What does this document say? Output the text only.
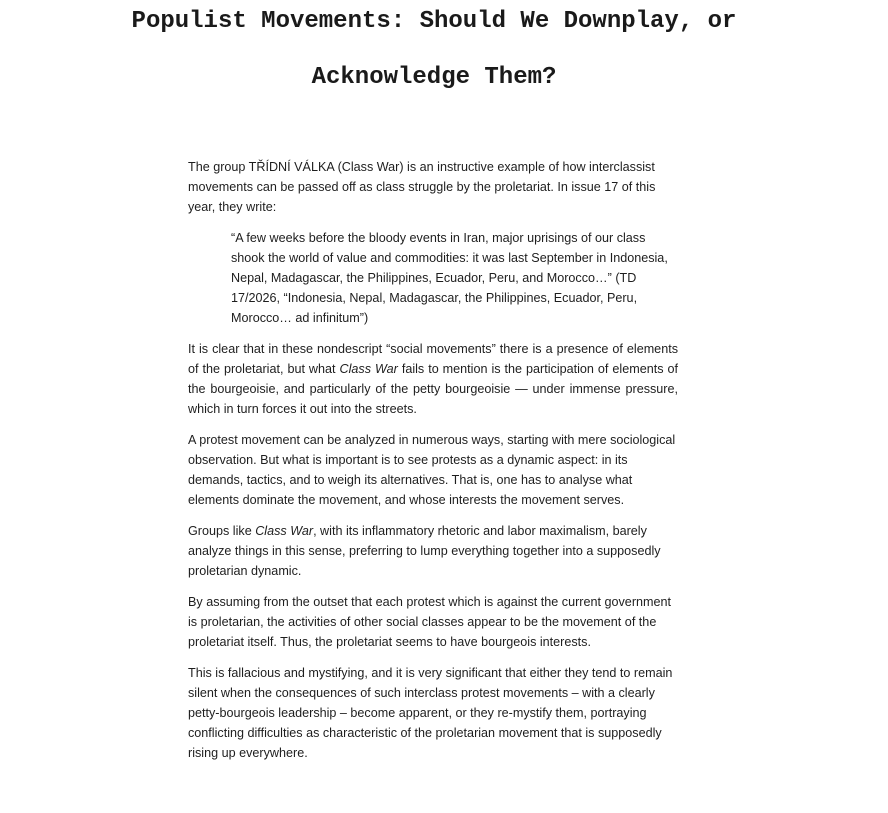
Populist Movements: Should We Downplay, or
Acknowledge Them?

The group TŘÍDNÍ VÁLKA (Class War) is an instructive example of how interclassist movements can be passed off as class struggle by the proletariat. In issue 17 of this year, they write:

“A few weeks before the bloody events in Iran, major uprisings of our class shook the world of value and commodities: it was last September in Indonesia, Nepal, Madagascar, the Philippines, Ecuador, Peru, and Morocco…” (TD 17/2026, “Indonesia, Nepal, Madagascar, the Philippines, Ecuador, Peru, Morocco… ad infinitum”)

It is clear that in these nondescript “social movements” there is a presence of elements of the proletariat, but what Class War fails to mention is the participation of elements of the bourgeoisie, and particularly of the petty bourgeoisie — under immense pressure, which in turn forces it out into the streets.

A protest movement can be analyzed in numerous ways, starting with mere sociological observation. But what is important is to see protests as a dynamic aspect: in its demands, tactics, and to weigh its alternatives. That is, one has to analyse what elements dominate the movement, and whose interests the movement serves.

Groups like Class War, with its inflammatory rhetoric and labor maximalism, barely analyze things in this sense, preferring to lump everything together into a supposedly proletarian dynamic.

By assuming from the outset that each protest which is against the current government is proletarian, the activities of other social classes appear to be the movement of the proletariat itself. Thus, the proletariat seems to have bourgeois interests.

This is fallacious and mystifying, and it is very significant that either they tend to remain silent when the consequences of such interclass protest movements – with a clearly petty-bourgeois leadership – become apparent, or they re-mystify them, portraying conflicting difficulties as characteristic of the proletarian movement that is supposedly rising up everywhere.
